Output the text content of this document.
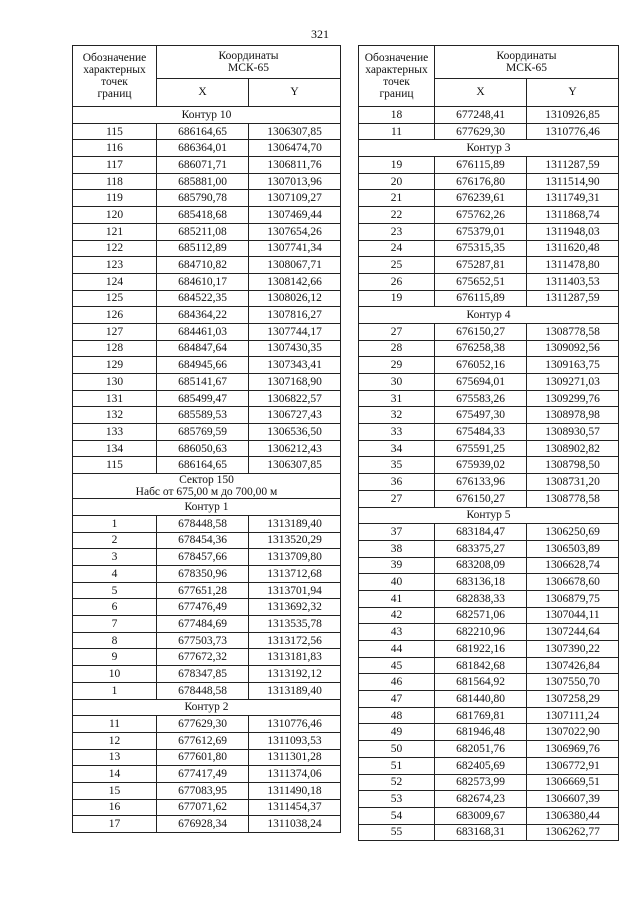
321
Обозначение
характерных
точек
границ	Координаты
МСК-65	

	X	Y

Контур 10		

115	686164,65	1306307,85
116	686364,01	1306474,70
117	686071,71	1306811,76
118	685881,00	1307013,96
119	685790,78	1307109,27
120	685418,68	1307469,44
121	685211,08	1307654,26
122	685112,89	1307741,34
123	684710,82	1308067,71
124	684610,17	1308142,66
125	684522,35	1308026,12
126	684364,22	1307816,27
127	684461,03	1307744,17
128	684847,64	1307430,35
129	684945,66	1307343,41
130	685141,67	1307168,90
131	685499,47	1306822,57
132	685589,53	1306727,43
133	685769,59	1306536,50
134	686050,63	1306212,43
115	686164,65	1306307,85

Сектор 150
Набс от 675,00 м до 700,00 м		

Контур 1		

1	678448,58	1313189,40
2	678454,36	1313520,29
3	678457,66	1313709,80
4	678350,96	1313712,68
5	677651,28	1313701,94
6	677476,49	1313692,32
7	677484,69	1313535,78
8	677503,73	1313172,56
9	677672,32	1313181,83
10	678347,85	1313192,12
1	678448,58	1313189,40

Контур 2		

11	677629,30	1310776,46
12	677612,69	1311093,53
13	677601,80	1311301,28
14	677417,49	1311374,06
15	677083,95	1311490,18
16	677071,62	1311454,37
17	676928,34	1311038,24
Обозначение
характерных
точек
границ	Координаты
МСК-65	

	X	Y
18	677248,41	1310926,85
11	677629,30	1310776,46

Контур 3		

19	676115,89	1311287,59
20	676176,80	1311514,90
21	676239,61	1311749,31
22	675762,26	1311868,74
23	675379,01	1311948,03
24	675315,35	1311620,48
25	675287,81	1311478,80
26	675652,51	1311403,53
19	676115,89	1311287,59

Контур 4		

27	676150,27	1308778,58
28	676258,38	1309092,56
29	676052,16	1309163,75
30	675694,01	1309271,03
31	675583,26	1309299,76
32	675497,30	1308978,98
33	675484,33	1308930,57
34	675591,25	1308902,82
35	675939,02	1308798,50
36	676133,96	1308731,20
27	676150,27	1308778,58

Контур 5		

37	683184,47	1306250,69
38	683375,27	1306503,89
39	683208,09	1306628,74
40	683136,18	1306678,60
41	682838,33	1306879,75
42	682571,06	1307044,11
43	682210,96	1307244,64
44	681922,16	1307390,22
45	681842,68	1307426,84
46	681564,92	1307550,70
47	681440,80	1307258,29
48	681769,81	1307111,24
49	681946,48	1307022,90
50	682051,76	1306969,76
51	682405,69	1306772,91
52	682573,99	1306669,51
53	682674,23	1306607,39
54	683009,67	1306380,44
55	683168,31	1306262,77
